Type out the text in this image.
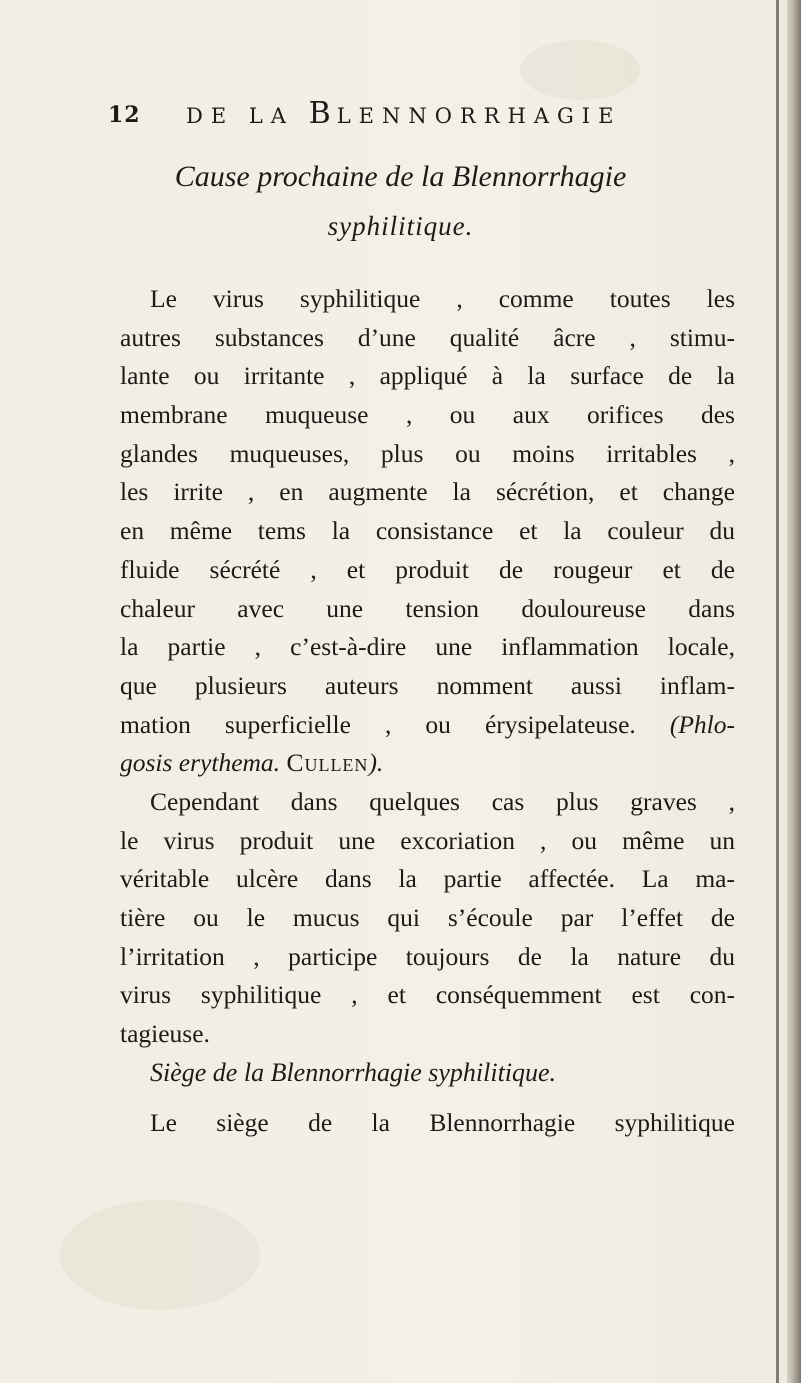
12 DE LA BLENNORRHAGIE
Cause prochaine de la Blennorrhagie
syphilitique.
Le virus syphilitique , comme toutes les
autres substances d’une qualité âcre , stimu-
lante ou irritante , appliqué à la surface de la
membrane muqueuse , ou aux orifices des
glandes muqueuses, plus ou moins irritables ,
les irrite , en augmente la sécrétion, et change
en même tems la consistance et la couleur du
fluide sécrété , et produit de rougeur et de
chaleur avec une tension douloureuse dans
la partie , c’est-à-dire une inflammation locale,
que plusieurs auteurs nomment aussi inflam-
mation superficielle , ou érysipelateuse. (Phlo-
gosis erythema. Cullen).
Cependant dans quelques cas plus graves ,
le virus produit une excoriation , ou même un
véritable ulcère dans la partie affectée. La ma-
tière ou le mucus qui s’écoule par l’effet de
l’irritation , participe toujours de la nature du
virus syphilitique , et conséquemment est con-
tagieuse.
Siège de la Blennorrhagie syphilitique.
Le siège de la Blennorrhagie syphilitique
